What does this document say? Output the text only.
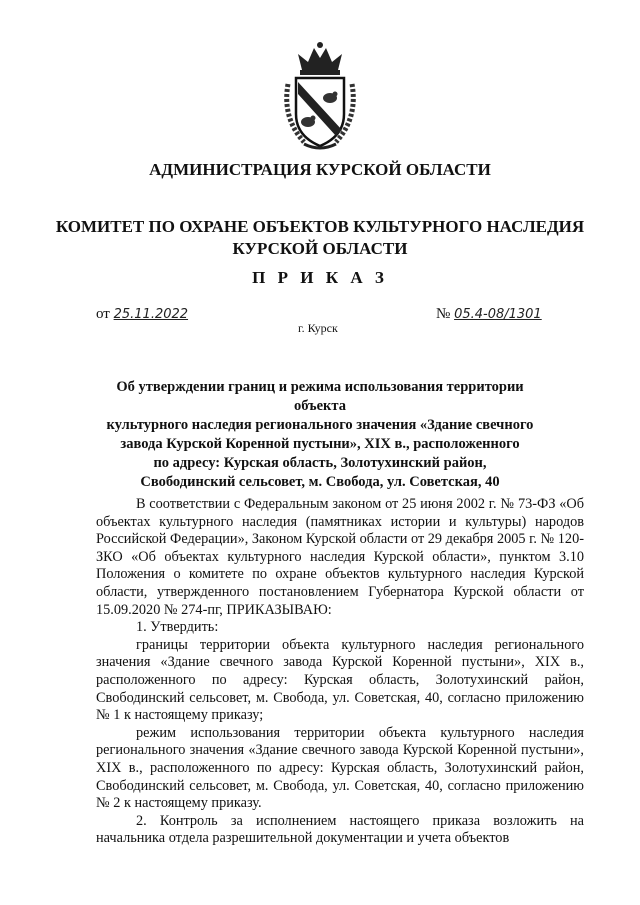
АДМИНИСТРАЦИЯ КУРСКОЙ ОБЛАСТИ
КОМИТЕТ ПО ОХРАНЕ ОБЪЕКТОВ КУЛЬТУРНОГО НАСЛЕДИЯ
КУРСКОЙ ОБЛАСТИ
П Р И К А З
от 25.11.2022	№ 05.4-08/1301
г. Курск
Об утверждении границ и режима использования территории объекта
культурного наследия регионального значения «Здание свечного
завода Курской Коренной пустыни», XIX в., расположенного
по адресу: Курская область, Золотухинский район,
Свободинский сельсовет, м. Свобода, ул. Советская, 40

В соответствии с Федеральным законом от 25 июня 2002 г. № 73-ФЗ «Об объектах культурного наследия (памятниках истории и культуры) народов Российской Федерации», Законом Курской области от 29 декабря 2005 г. № 120-ЗКО «Об объектах культурного наследия Курской области», пунктом 3.10 Положения о комитете по охране объектов культурного наследия Курской области, утвержденного постановлением Губернатора Курской области от 15.09.2020 № 274-пг, ПРИКАЗЫВАЮ:

1. Утвердить:

границы территории объекта культурного наследия регионального значения «Здание свечного завода Курской Коренной пустыни», XIX в., расположенного по адресу: Курская область, Золотухинский район, Свободинский сельсовет, м. Свобода, ул. Советская, 40, согласно приложению № 1 к настоящему приказу;

режим использования территории объекта культурного наследия регионального значения «Здание свечного завода Курской Коренной пустыни», XIX в., расположенного по адресу: Курская область, Золотухинский район, Свободинский сельсовет, м. Свобода, ул. Советская, 40, согласно приложению № 2 к настоящему приказу.

2. Контроль за исполнением настоящего приказа возложить на начальника отдела разрешительной документации и учета объектов
